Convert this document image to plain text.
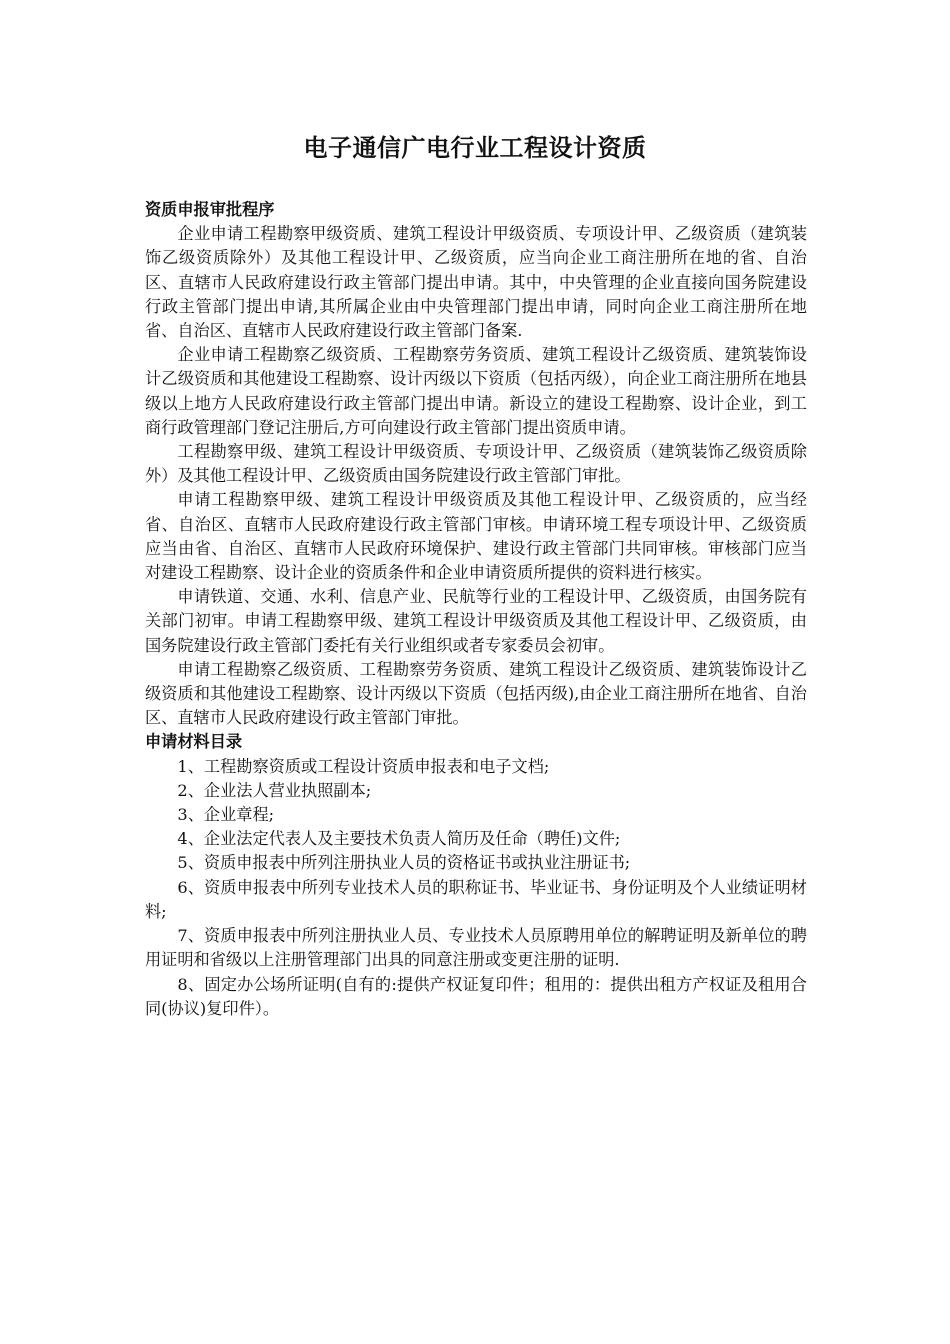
电子通信广电行业工程设计资质
资质申报审批程序

企业申请工程勘察甲级资质、建筑工程设计甲级资质、专项设计甲、乙级资质（建筑装饰乙级资质除外）及其他工程设计甲、乙级资质，应当向企业工商注册所在地的省、自治区、直辖市人民政府建设行政主管部门提出申请。其中，中央管理的企业直接向国务院建设行政主管部门提出申请,其所属企业由中央管理部门提出申请，同时向企业工商注册所在地省、自治区、直辖市人民政府建设行政主管部门备案.

企业申请工程勘察乙级资质、工程勘察劳务资质、建筑工程设计乙级资质、建筑装饰设计乙级资质和其他建设工程勘察、设计丙级以下资质（包括丙级），向企业工商注册所在地县级以上地方人民政府建设行政主管部门提出申请。新设立的建设工程勘察、设计企业，到工商行政管理部门登记注册后,方可向建设行政主管部门提出资质申请。

工程勘察甲级、建筑工程设计甲级资质、专项设计甲、乙级资质（建筑装饰乙级资质除外）及其他工程设计甲、乙级资质由国务院建设行政主管部门审批。

申请工程勘察甲级、建筑工程设计甲级资质及其他工程设计甲、乙级资质的，应当经省、自治区、直辖市人民政府建设行政主管部门审核。申请环境工程专项设计甲、乙级资质应当由省、自治区、直辖市人民政府环境保护、建设行政主管部门共同审核。审核部门应当对建设工程勘察、设计企业的资质条件和企业申请资质所提供的资料进行核实。

申请铁道、交通、水利、信息产业、民航等行业的工程设计甲、乙级资质，由国务院有关部门初审。申请工程勘察甲级、建筑工程设计甲级资质及其他工程设计甲、乙级资质，由国务院建设行政主管部门委托有关行业组织或者专家委员会初审。

申请工程勘察乙级资质、工程勘察劳务资质、建筑工程设计乙级资质、建筑装饰设计乙级资质和其他建设工程勘察、设计丙级以下资质（包括丙级),由企业工商注册所在地省、自治区、直辖市人民政府建设行政主管部门审批。

申请材料目录

1、工程勘察资质或工程设计资质申报表和电子文档;

2、企业法人营业执照副本;

3、企业章程;

4、企业法定代表人及主要技术负责人简历及任命（聘任)文件;

5、资质申报表中所列注册执业人员的资格证书或执业注册证书;

6、资质申报表中所列专业技术人员的职称证书、毕业证书、身份证明及个人业绩证明材料;

7、资质申报表中所列注册执业人员、专业技术人员原聘用单位的解聘证明及新单位的聘用证明和省级以上注册管理部门出具的同意注册或变更注册的证明.

8、固定办公场所证明(自有的:提供产权证复印件；租用的：提供出租方产权证及租用合同(协议)复印件）。
